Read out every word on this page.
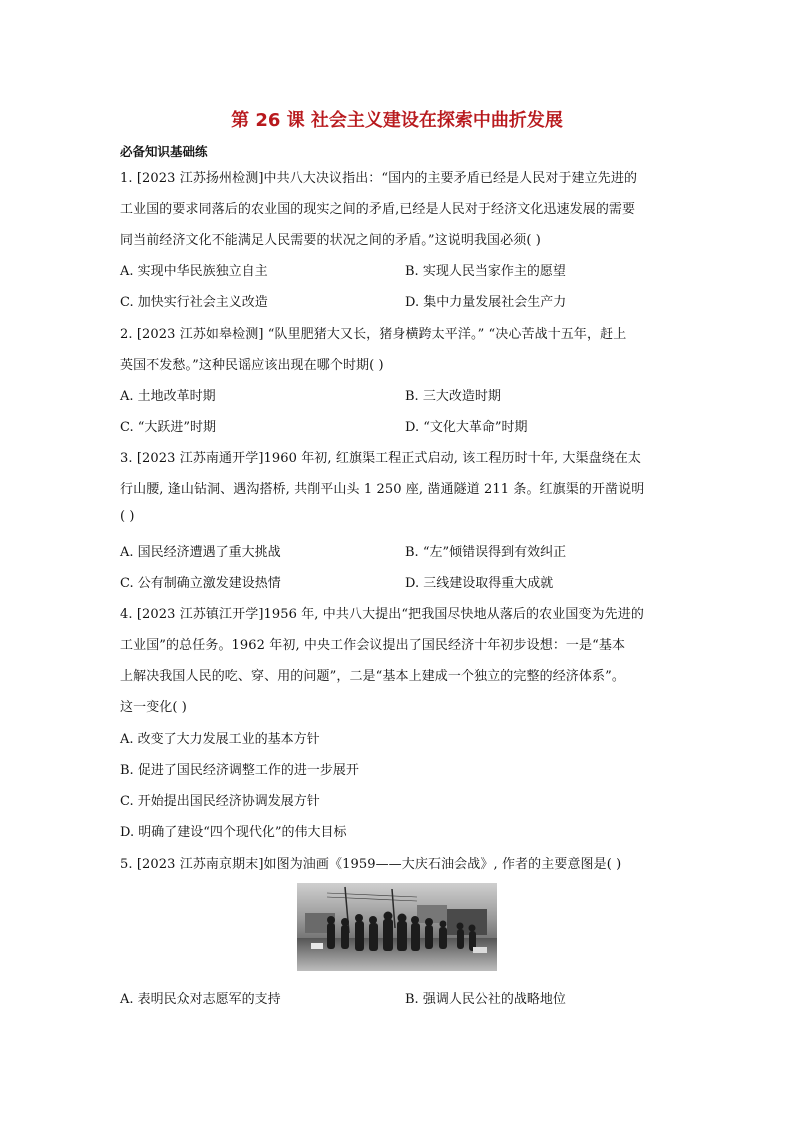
第 26 课 社会主义建设在探索中曲折发展
必备知识基础练
1. [2023 江苏扬州检测]中共八大决议指出：“国内的主要矛盾已经是人民对于建立先进的
工业国的要求同落后的农业国的现实之间的矛盾,已经是人民对于经济文化迅速发展的需要
同当前经济文化不能满足人民需要的状况之间的矛盾。”这说明我国必须( )
A. 实现中华民族独立自主	B. 实现人民当家作主的愿望
C. 加快实行社会主义改造	D. 集中力量发展社会生产力
2. [2023 江苏如皋检测] “队里肥猪大又长，猪身横跨太平洋。” “决心苦战十五年，赶上
英国不发愁。”这种民谣应该出现在哪个时期( )
A. 土地改革时期	B. 三大改造时期
C. “大跃进”时期	D. “文化大革命”时期
3. [2023 江苏南通开学]1960 年初, 红旗渠工程正式启动, 该工程历时十年, 大渠盘绕在太
行山腰, 逢山钻洞、遇沟搭桥, 共削平山头 1 250 座, 凿通隧道 211 条。红旗渠的开凿说明
( )
A. 国民经济遭遇了重大挑战	B. “左”倾错误得到有效纠正
C. 公有制确立激发建设热情	D. 三线建设取得重大成就
4. [2023 江苏镇江开学]1956 年, 中共八大提出“把我国尽快地从落后的农业国变为先进的
工业国”的总任务。1962 年初, 中央工作会议提出了国民经济十年初步设想：一是“基本
上解决我国人民的吃、穿、用的问题”，二是“基本上建成一个独立的完整的经济体系”。
这一变化( )
A. 改变了大力发展工业的基本方针
B. 促进了国民经济调整工作的进一步展开
C. 开始提出国民经济协调发展方针
D. 明确了建设“四个现代化”的伟大目标
5. [2023 江苏南京期末]如图为油画《1959——大庆石油会战》, 作者的主要意图是( )
A. 表明民众对志愿军的支持	B. 强调人民公社的战略地位
